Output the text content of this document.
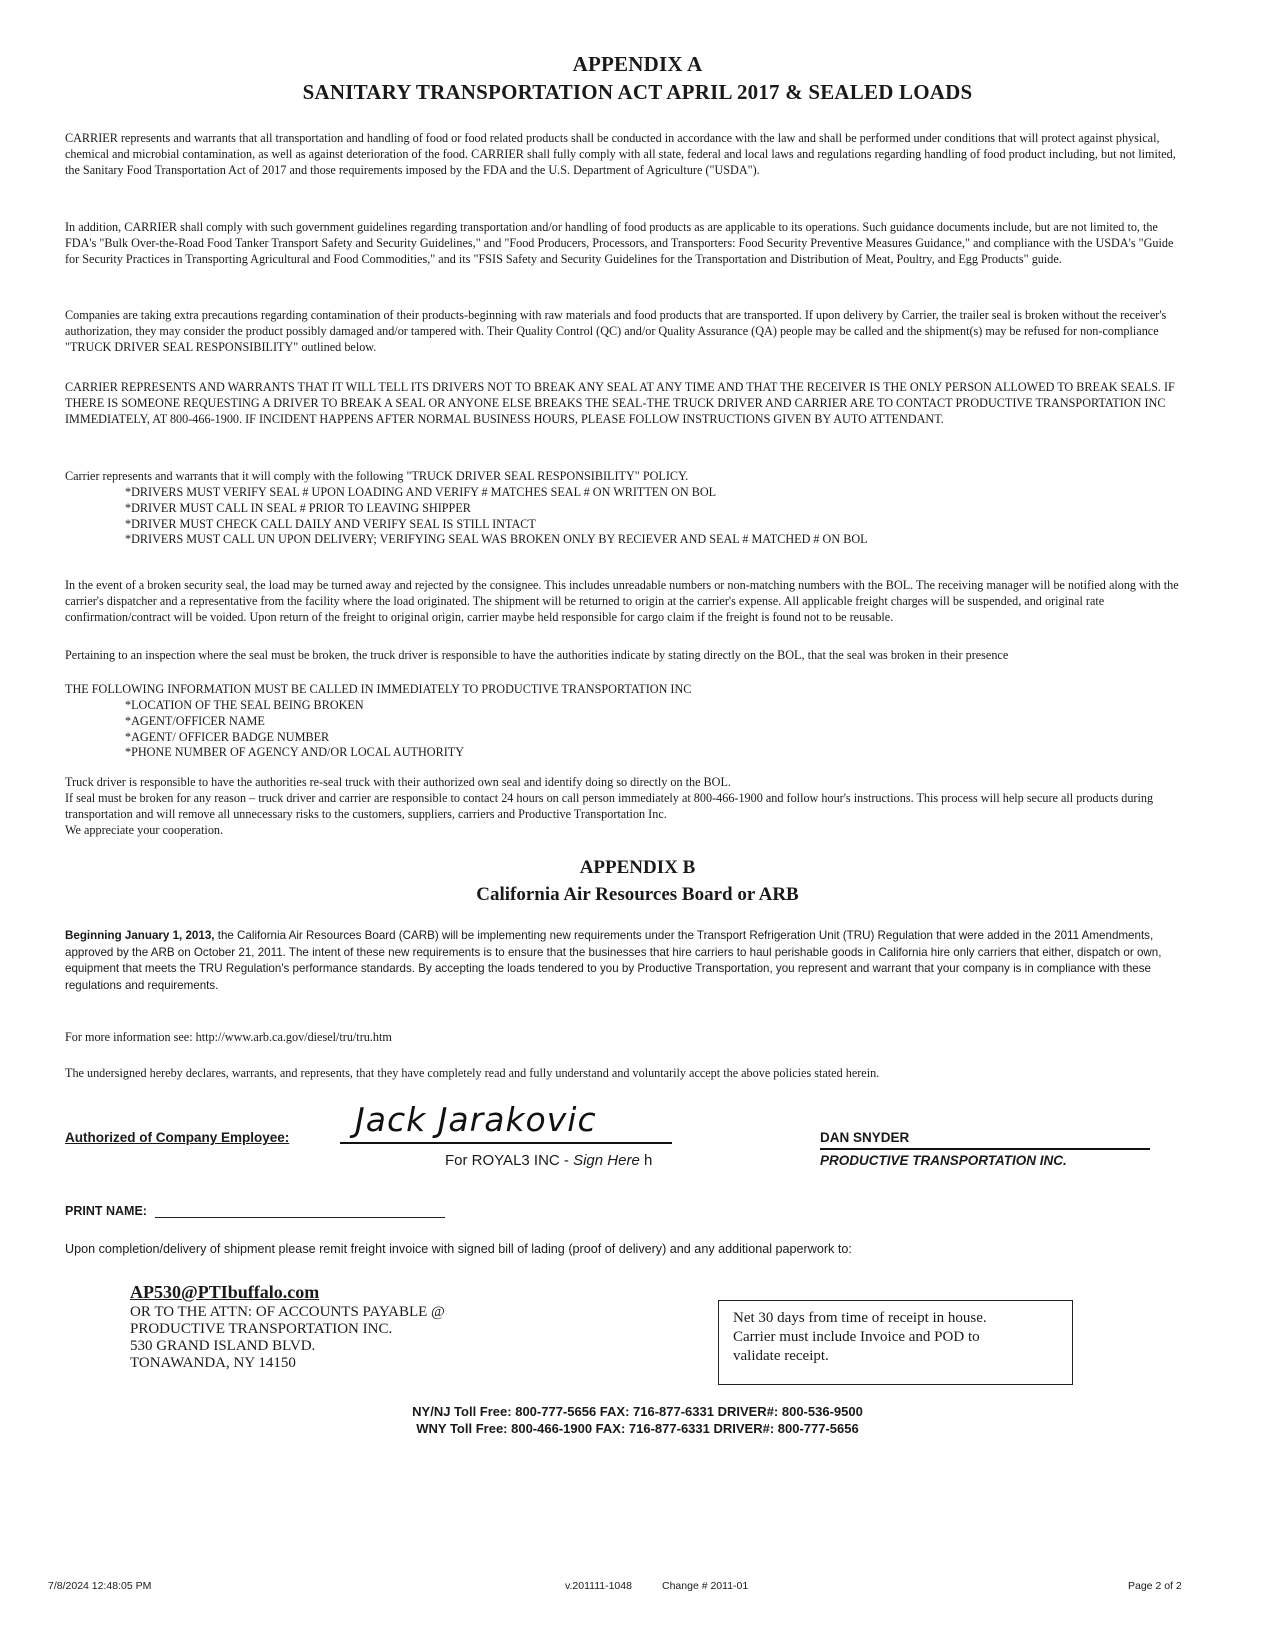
APPENDIX A
SANITARY TRANSPORTATION ACT APRIL 2017 & SEALED LOADS
CARRIER represents and warrants that all transportation and handling of food or food related products shall be conducted in accordance with the law and shall be performed under conditions that will protect against physical, chemical and microbial contamination, as well as against deterioration of the food. CARRIER shall fully comply with all state, federal and local laws and regulations regarding handling of food product including, but not limited, the Sanitary Food Transportation Act of 2017 and those requirements imposed by the FDA and the U.S. Department of Agriculture ("USDA").
In addition, CARRIER shall comply with such government guidelines regarding transportation and/or handling of food products as are applicable to its operations. Such guidance documents include, but are not limited to, the FDA's "Bulk Over-the-Road Food Tanker Transport Safety and Security Guidelines," and "Food Producers, Processors, and Transporters: Food Security Preventive Measures Guidance," and compliance with the USDA's "Guide for Security Practices in Transporting Agricultural and Food Commodities," and its "FSIS Safety and Security Guidelines for the Transportation and Distribution of Meat, Poultry, and Egg Products" guide.
Companies are taking extra precautions regarding contamination of their products-beginning with raw materials and food products that are transported. If upon delivery by Carrier, the trailer seal is broken without the receiver's authorization, they may consider the product possibly damaged and/or tampered with. Their Quality Control (QC) and/or Quality Assurance (QA) people may be called and the shipment(s) may be refused for non-compliance "TRUCK DRIVER SEAL RESPONSIBILITY" outlined below.
CARRIER REPRESENTS AND WARRANTS THAT IT WILL TELL ITS DRIVERS NOT TO BREAK ANY SEAL AT ANY TIME AND THAT THE RECEIVER IS THE ONLY PERSON ALLOWED TO BREAK SEALS. IF THERE IS SOMEONE REQUESTING A DRIVER TO BREAK A SEAL OR ANYONE ELSE BREAKS THE SEAL-THE TRUCK DRIVER AND CARRIER ARE TO CONTACT PRODUCTIVE TRANSPORTATION INC IMMEDIATELY, AT 800-466-1900. IF INCIDENT HAPPENS AFTER NORMAL BUSINESS HOURS, PLEASE FOLLOW INSTRUCTIONS GIVEN BY AUTO ATTENDANT.
Carrier represents and warrants that it will comply with the following "TRUCK DRIVER SEAL RESPONSIBILITY" POLICY.
*DRIVERS MUST VERIFY SEAL # UPON LOADING AND VERIFY # MATCHES SEAL # ON WRITTEN ON BOL
*DRIVER MUST CALL IN SEAL # PRIOR TO LEAVING SHIPPER
*DRIVER MUST CHECK CALL DAILY AND VERIFY SEAL IS STILL INTACT
*DRIVERS MUST CALL UN UPON DELIVERY; VERIFYING SEAL WAS BROKEN ONLY BY RECIEVER AND SEAL # MATCHED # ON BOL
In the event of a broken security seal, the load may be turned away and rejected by the consignee. This includes unreadable numbers or non-matching numbers with the BOL. The receiving manager will be notified along with the carrier's dispatcher and a representative from the facility where the load originated. The shipment will be returned to origin at the carrier's expense. All applicable freight charges will be suspended, and original rate confirmation/contract will be voided. Upon return of the freight to original origin, carrier maybe held responsible for cargo claim if the freight is found not to be reusable.
Pertaining to an inspection where the seal must be broken, the truck driver is responsible to have the authorities indicate by stating directly on the BOL, that the seal was broken in their presence
THE FOLLOWING INFORMATION MUST BE CALLED IN IMMEDIATELY TO PRODUCTIVE TRANSPORTATION INC
*LOCATION OF THE SEAL BEING BROKEN
*AGENT/OFFICER NAME
*AGENT/ OFFICER BADGE NUMBER
*PHONE NUMBER OF AGENCY AND/OR LOCAL AUTHORITY
Truck driver is responsible to have the authorities re-seal truck with their authorized own seal and identify doing so directly on the BOL.
If seal must be broken for any reason – truck driver and carrier are responsible to contact 24 hours on call person immediately at 800-466-1900 and follow hour's instructions. This process will help secure all products during transportation and will remove all unnecessary risks to the customers, suppliers, carriers and Productive Transportation Inc.
We appreciate your cooperation.
APPENDIX B
California Air Resources Board or ARB
Beginning January 1, 2013, the California Air Resources Board (CARB) will be implementing new requirements under the Transport Refrigeration Unit (TRU) Regulation that were added in the 2011 Amendments, approved by the ARB on October 21, 2011. The intent of these new requirements is to ensure that the businesses that hire carriers to haul perishable goods in California hire only carriers that either, dispatch or own, equipment that meets the TRU Regulation's performance standards. By accepting the loads tendered to you by Productive Transportation, you represent and warrant that your company is in compliance with these regulations and requirements.
For more information see: http://www.arb.ca.gov/diesel/tru/tru.htm
The undersigned hereby declares, warrants, and represents, that they have completely read and fully understand and voluntarily accept the above policies stated herein.
Authorized of Company Employee: Jack Jarakovic
For ROYAL3 INC - Sign Here h
DAN SNYDER
PRODUCTIVE TRANSPORTATION INC.
PRINT NAME:
Upon completion/delivery of shipment please remit freight invoice with signed bill of lading (proof of delivery) and any additional paperwork to:
AP530@PTIbuffalo.com
OR TO THE ATTN: OF ACCOUNTS PAYABLE @
PRODUCTIVE TRANSPORTATION INC.
530 GRAND ISLAND BLVD.
TONAWANDA, NY 14150
Net 30 days from time of receipt in house.
Carrier must include Invoice and POD to
validate receipt.
NY/NJ Toll Free: 800-777-5656 FAX: 716-877-6331 DRIVER#: 800-536-9500
WNY Toll Free: 800-466-1900 FAX: 716-877-6331 DRIVER#: 800-777-5656
7/8/2024 12:48:05 PM	v.201111-1048	Change # 2011-01	Page 2 of 2
